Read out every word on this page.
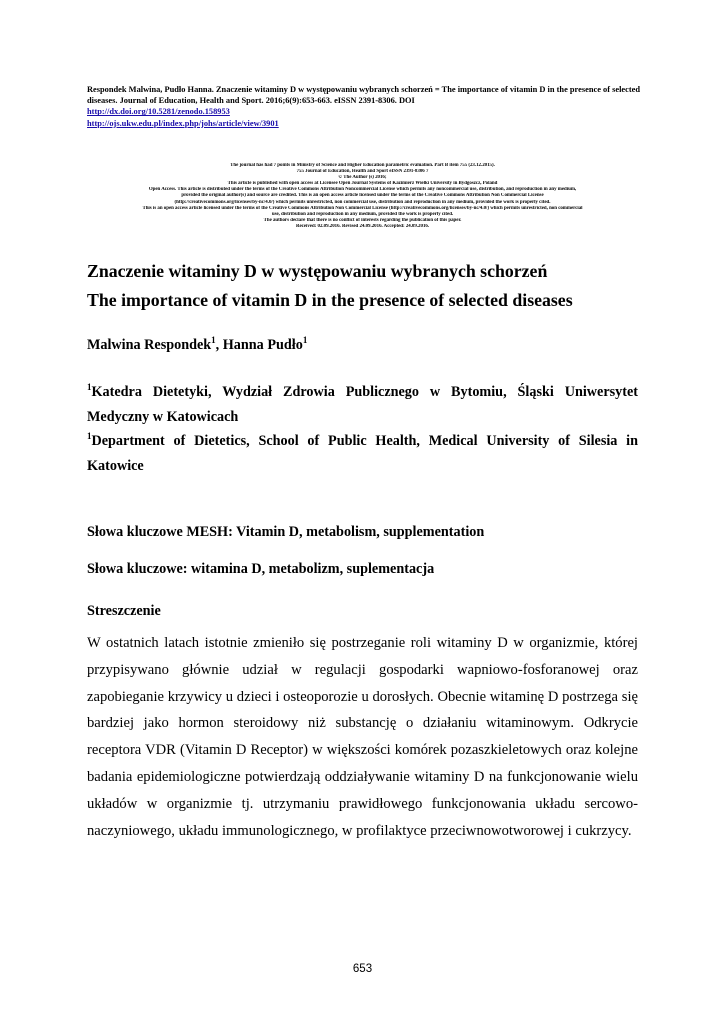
Respondek Malwina, Pudło Hanna. Znaczenie witaminy D w występowaniu wybranych schorzeń = The importance of vitamin D in the presence of selected diseases. Journal of Education, Health and Sport. 2016;6(9):653-663. eISSN 2391-8306. DOI
http://dx.doi.org/10.5281/zenodo.158953
http://ojs.ukw.edu.pl/index.php/johs/article/view/3901
The journal has had 7 points in Ministry of Science and Higher Education parametric evaluation. Part B item 755 (23.12.2015).
755 Journal of Education, Health and Sport eISSN 2391-8306 7
© The Author (s) 2016;
This article is published with open access at Licensee Open Journal Systems of Kazimierz Wielki University in Bydgoszcz, Poland
Open Access. This article is distributed under the terms of the Creative Commons Attribution Noncommercial License which permits any noncommercial use, distribution, and reproduction in any medium,
provided the original author(s) and source are credited. This is an open access article licensed under the terms of the Creative Commons Attribution Non Commercial License
(http://creativecommons.org/licenses/by-nc/4.0/) which permits unrestricted, non commercial use, distribution and reproduction in any medium, provided the work is properly cited.
This is an open access article licensed under the terms of the Creative Commons Attribution Non Commercial License (http://creativecommons.org/licenses/by-nc/4.0/) which permits unrestricted, non commercial
use, distribution and reproduction in any medium, provided the work is properly cited.
The authors declare that there is no conflict of interests regarding the publication of this paper.
Received: 02.09.2016. Revised 24.09.2016. Accepted: 24.09.2016.
Znaczenie witaminy D w występowaniu wybranych schorzeń
The importance of vitamin D in the presence of selected diseases
Malwina Respondek$^1$, Hanna Pudło$^1$
$^1$Katedra Dietetyki, Wydział Zdrowia Publicznego w Bytomiu, Śląski Uniwersytet
Medyczny w Katowicach
$^1$Department of Dietetics, School of Public Health, Medical University of Silesia in
Katowice
Słowa kluczowe MESH: Vitamin D, metabolism, supplementation
Słowa kluczowe: witamina D, metabolizm, suplementacja
Streszczenie
W ostatnich latach istotnie zmieniło się postrzeganie roli witaminy D w organizmie, której
przypisywano głównie udział w regulacji gospodarki wapniowo-fosforanowej oraz
zapobieganie krzywicy u dzieci i osteoporozie u dorosłych. Obecnie witaminę D postrzega się
bardziej jako hormon steroidowy niż substancję o działaniu witaminowym. Odkrycie
receptora VDR (Vitamin D Receptor) w większości komórek pozaszkieletowych oraz kolejne
badania epidemiologiczne potwierdzają oddziaływanie witaminy D na funkcjonowanie wielu
układów w organizmie tj. utrzymaniu prawidłowego funkcjonowania układu sercowo-
naczyniowego, układu immunologicznego, w profilaktyce przeciwnowotworowej i cukrzycy.
653
